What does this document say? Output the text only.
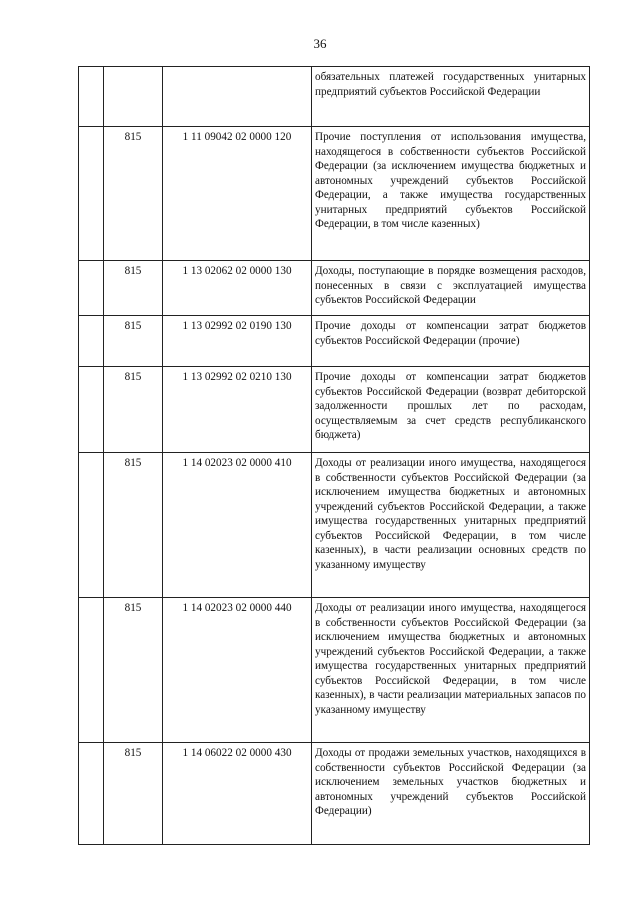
36
			обязательных платежей государственных унитарных предприятий субъектов Российской Федерации
	815	1 11 09042 02 0000 120	Прочие поступления от использования имущества, находящегося в собственности субъектов Российской Федерации (за исключением имущества бюджетных и автономных учреждений субъектов Российской Федерации, а также имущества государственных унитарных предприятий субъектов Российской Федерации, в том числе казенных)
	815	1 13 02062 02 0000 130	Доходы, поступающие в порядке возмещения расходов, понесенных в связи с эксплуатацией имущества субъектов Российской Федерации
	815	1 13 02992 02 0190 130	Прочие доходы от компенсации затрат бюджетов субъектов Российской Федерации (прочие)
	815	1 13 02992 02 0210 130	Прочие доходы от компенсации затрат бюджетов субъектов Российской Федерации (возврат дебиторской задолженности прошлых лет по расходам, осуществляемым за счет средств республиканского бюджета)
	815	1 14 02023 02 0000 410	Доходы от реализации иного имущества, находящегося в собственности субъектов Российской Федерации (за исключением имущества бюджетных и автономных учреждений субъектов Российской Федерации, а также имущества государственных унитарных предприятий субъектов Российской Федерации, в том числе казенных), в части реализации основных средств по указанному имуществу
	815	1 14 02023 02 0000 440	Доходы от реализации иного имущества, находящегося в собственности субъектов Российской Федерации (за исключением имущества бюджетных и автономных учреждений субъектов Российской Федерации, а также имущества государственных унитарных предприятий субъектов Российской Федерации, в том числе казенных), в части реализации материальных запасов по указанному имуществу
	815	1 14 06022 02 0000 430	Доходы от продажи земельных участков, находящихся в собственности субъектов Российской Федерации (за исключением земельных участков бюджетных и автономных учреждений субъектов Российской Федерации)
